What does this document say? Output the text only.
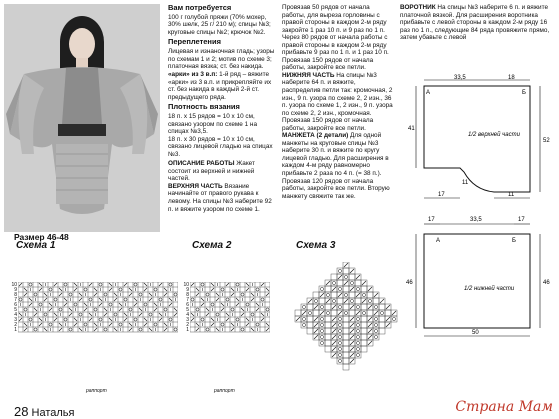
Размер 46-48

Вам потребуется

100 г голубой пряжи (70% мохер, 30% шелк, 25 г/ 210 м); спицы №3; круговые спицы №2; крючок №2.

Переплетения

Лицевая и изнаночная гладь; узоры по схемам 1 и 2; мотив по схеме 3; платочная вязка; ст. без накида.

«арки» из 3 в.п: 1-й ряд – вяжите «арки» из 3 в.п. и прикрепляйте их ст. без накида в каждый 2-й ст. предыдущего ряда.

Плотность вязания

18 п. х 15 рядов = 10 х 10 см, связано узором по схеме 1 на спицах №3,5.

18 п. х 30 рядов = 10 х 10 см, связано лицевой гладью на спицах №3.

ОПИСАНИЕ РАБОТЫ Жакет состоит из верхней и нижней частей.

ВЕРХНЯЯ ЧАСТЬ Вязание начинайте от правого рукава к левому. На спицы №3 наберите 92 п. и вяжите узором по схеме 1.

Провязав 50 рядов от начала работы, для выреза горловины с правой стороны в каждом 2-м ряду закройте 1 раз 10 п. и 9 раз по 1 п. Через 80 рядов от начала работы с правой стороны в каждом 2-м ряду прибавьте 9 раз по 1 п. и 1 раз 10 п. Провязав 150 рядов от начала работы, закройте все петли.

НИЖНЯЯ ЧАСТЬ На спицы №3 наберите 64 п. и вяжите, распределив петли так: кромочная, 2 изн., 9 п. узора по схеме 2, 2 изн., 36 п. узора по схеме 1, 2 изн., 9 п. узора по схеме 2, 2 изн., кромочная. Провязав 150 рядов от начала работы, закройте все петли.

МАНЖЕТА (2 детали) Для одной манжеты на круговые спицы №3 наберите 30 п. и вяжите по кругу лицевой гладью. Для расширения в каждом 4-м ряду равномерно прибавьте 2 раза по 4 п. (= 38 п.). Провязав 120 рядов от начала работы, закройте все петли. Вторую манжету свяжите так же.

ВОРОТНИК На спицы №3 наберите 6 п. и вяжите платочной вязкой. Для расширения воротника прибавьте с левой стороны в каждом 2-м ряду 16 раз по 1 п., следующие 84 ряда провяжите прямо, затем убавьте с левой

33,5	18
41
52
11
17	11
A	Б
1/2 верхней части
17	33,5	17
46	46
50
A	Б
1/2 нижней части
Схема 1	Схема 2	Схема 3
10
9
8
7
6
5
4
3
2
1
раппорт
10
9
8
7
6
5
4
3
2
1
раппорт
28 Наталья	Страна Мам
